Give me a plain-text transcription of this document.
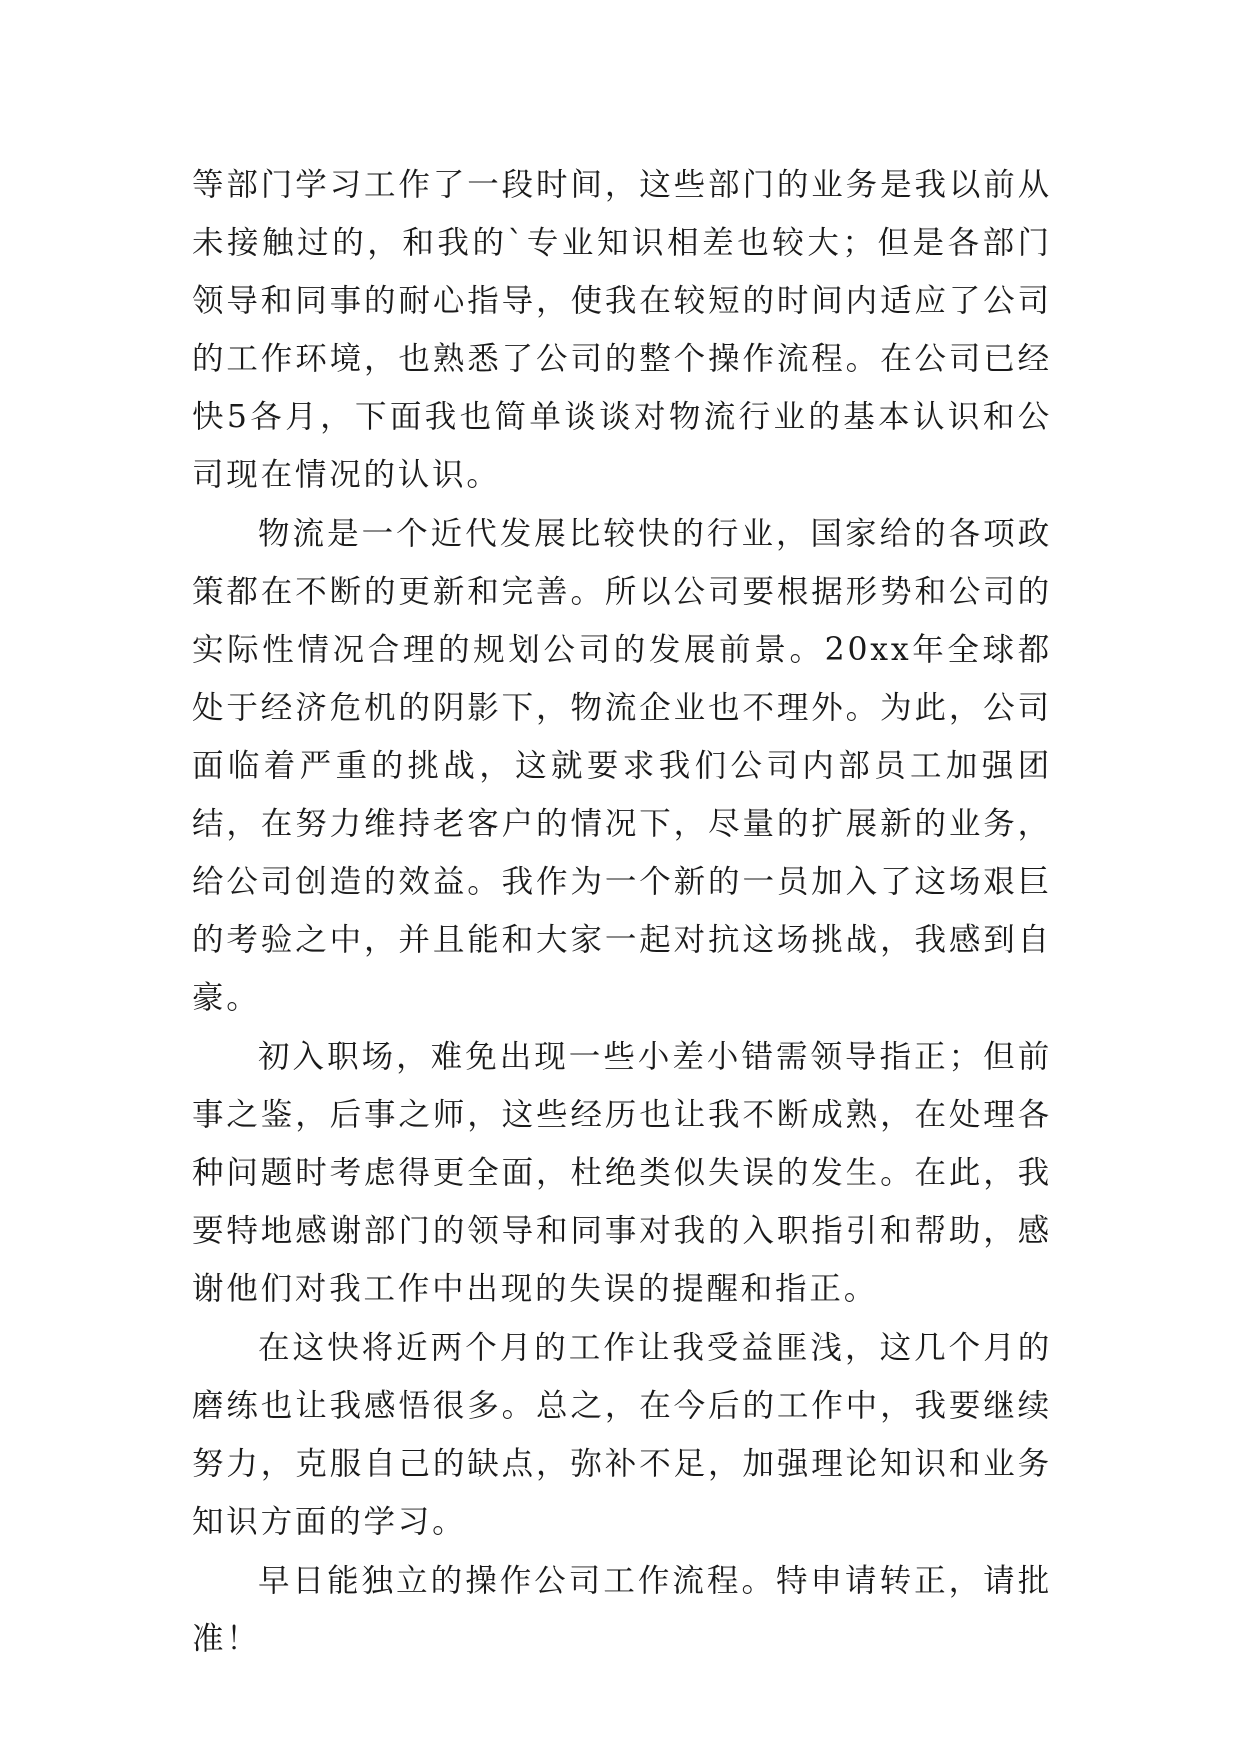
等部门学习工作了一段时间，这些部门的业务是我以前从未接触过的，和我的`专业知识相差也较大；但是各部门领导和同事的耐心指导，使我在较短的时间内适应了公司的工作环境，也熟悉了公司的整个操作流程。在公司已经快5各月，下面我也简单谈谈对物流行业的基本认识和公司现在情况的认识。

物流是一个近代发展比较快的行业，国家给的各项政策都在不断的更新和完善。所以公司要根据形势和公司的实际性情况合理的规划公司的发展前景。20xx年全球都处于经济危机的阴影下，物流企业也不理外。为此，公司面临着严重的挑战，这就要求我们公司内部员工加强团结，在努力维持老客户的情况下，尽量的扩展新的业务，给公司创造的效益。我作为一个新的一员加入了这场艰巨的考验之中，并且能和大家一起对抗这场挑战，我感到自豪。

初入职场，难免出现一些小差小错需领导指正；但前事之鉴，后事之师，这些经历也让我不断成熟，在处理各种问题时考虑得更全面，杜绝类似失误的发生。在此，我要特地感谢部门的领导和同事对我的入职指引和帮助，感谢他们对我工作中出现的失误的提醒和指正。

在这快将近两个月的工作让我受益匪浅，这几个月的磨练也让我感悟很多。总之，在今后的工作中，我要继续努力，克服自己的缺点，弥补不足，加强理论知识和业务知识方面的学习。

早日能独立的操作公司工作流程。特申请转正，请批准！
